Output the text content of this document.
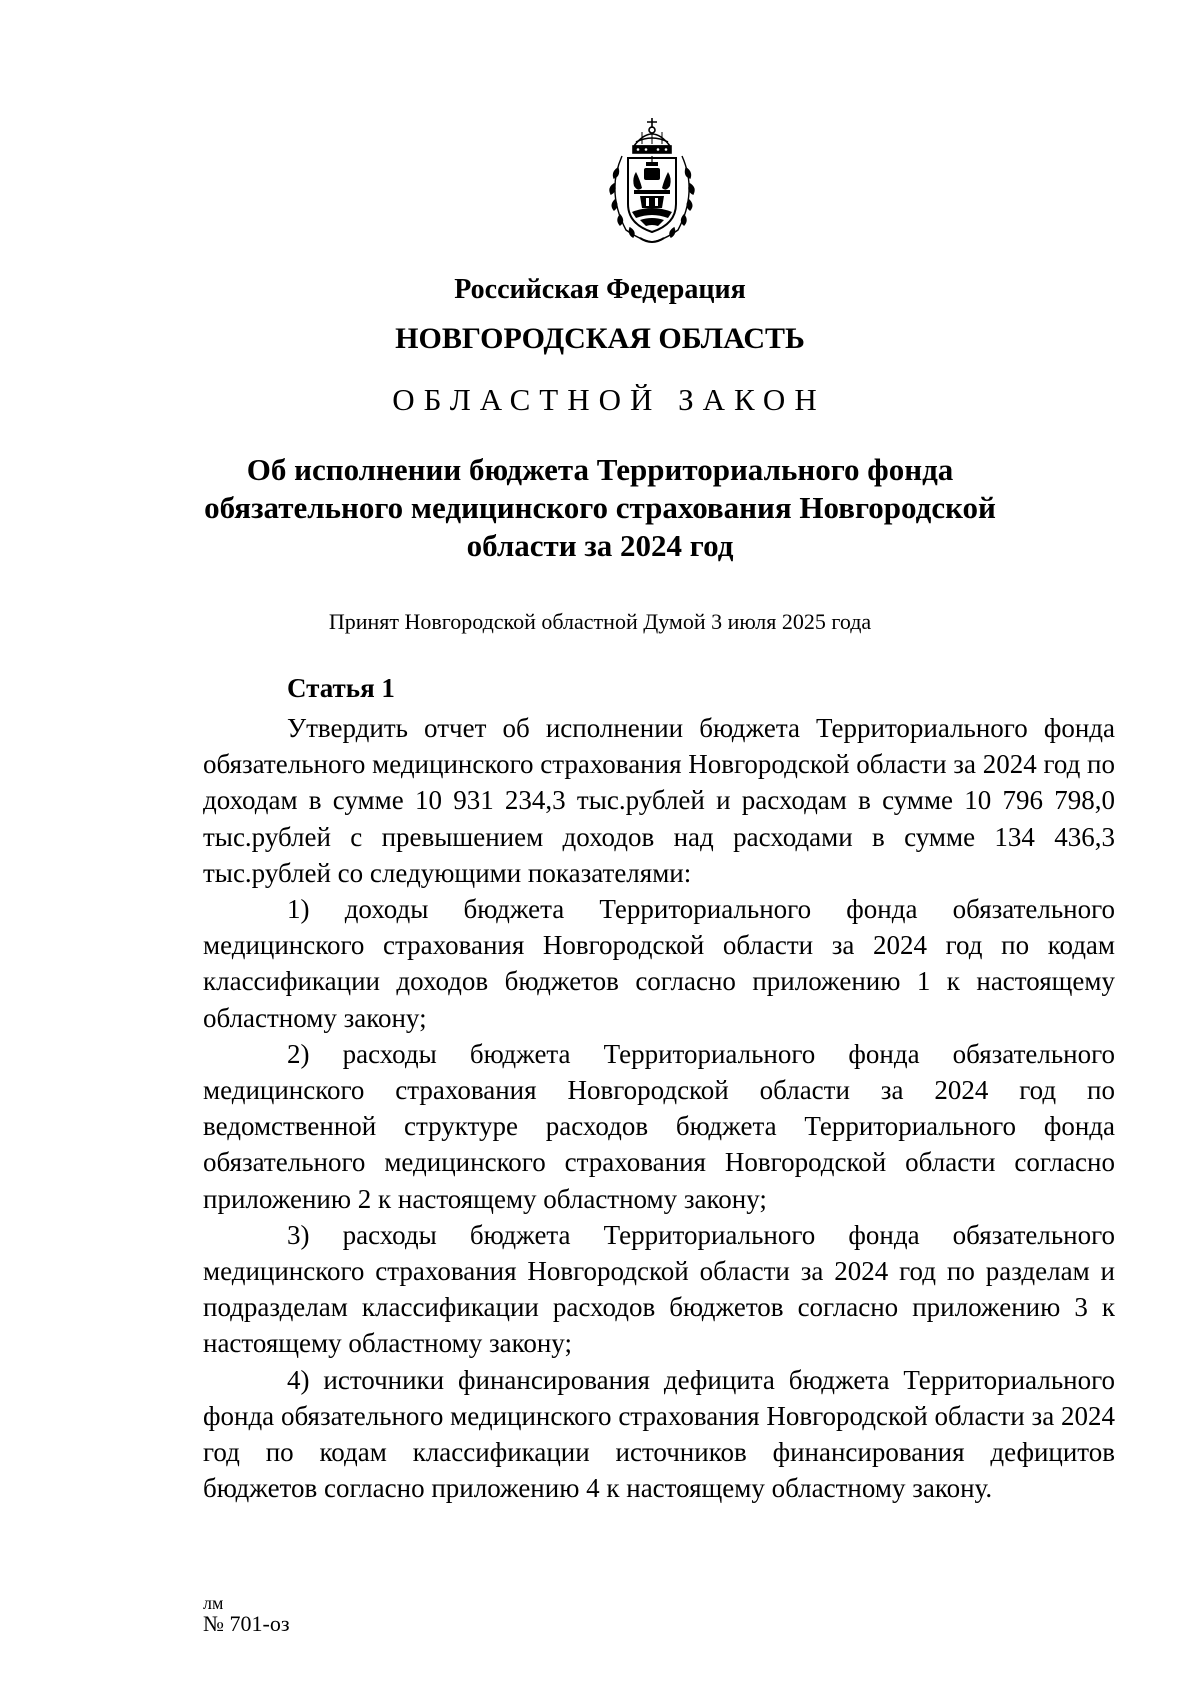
Российская Федерация
НОВГОРОДСКАЯ ОБЛАСТЬ
ОБЛАСТНОЙ ЗАКОН
Об исполнении бюджета Территориального фонда
обязательного медицинского страхования Новгородской
области за 2024 год
Принят Новгородской областной Думой 3 июля 2025 года
Статья 1

Утвердить отчет об исполнении бюджета Территориального фонда обязательного медицинского страхования Новгородской области за 2024 год по доходам в сумме 10 931 234,3 тыс.рублей и расходам в сумме 10 796 798,0 тыс.рублей с превышением доходов над расходами в сумме 134 436,3 тыс.рублей со следующими показателями:

1) доходы бюджета Территориального фонда обязательного медицинского страхования Новгородской области за 2024 год по кодам классификации доходов бюджетов согласно приложению 1 к настоящему областному закону;

2) расходы бюджета Территориального фонда обязательного медицинского страхования Новгородской области за 2024 год по ведомственной структуре расходов бюджета Территориального фонда обязательного медицинского страхования Новгородской области согласно приложению 2 к настоящему областному закону;

3) расходы бюджета Территориального фонда обязательного медицинского страхования Новгородской области за 2024 год по разделам и подразделам классификации расходов бюджетов согласно приложению 3 к настоящему областному закону;

4) источники финансирования дефицита бюджета Территориального фонда обязательного медицинского страхования Новгородской области за 2024 год по кодам классификации источников финансирования дефицитов бюджетов согласно приложению 4 к настоящему областному закону.

лм
№ 701-оз
